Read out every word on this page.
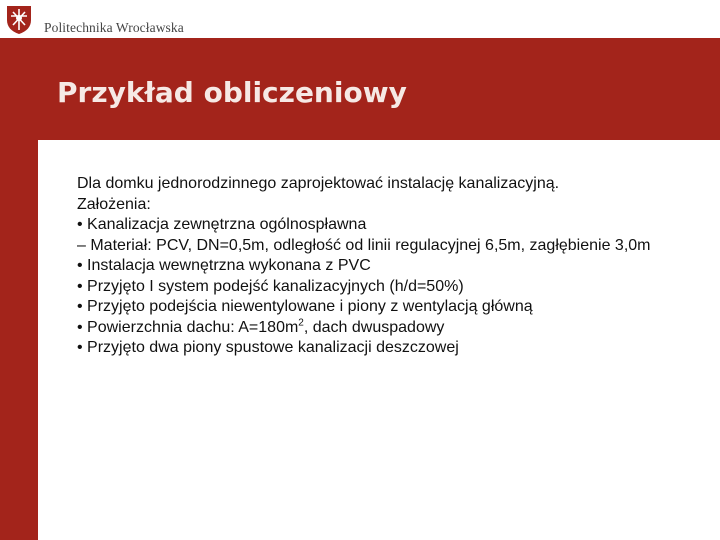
Politechnika Wrocławska
Przykład obliczeniowy

Dla domku jednorodzinnego zaprojektować instalację kanalizacyjną.

Założenia:

• Kanalizacja zewnętrzna ogólnospławna

– Materiał: PCV, DN=0,5m, odległość od linii regulacyjnej 6,5m, zagłębienie 3,0m

• Instalacja wewnętrzna wykonana z PVC

• Przyjęto I system podejść kanalizacyjnych (h/d=50%)

• Przyjęto podejścia niewentylowane i piony z wentylacją główną

• Powierzchnia dachu: $A=180m^2$, dach dwuspadowy

• Przyjęto dwa piony spustowe kanalizacji deszczowej
